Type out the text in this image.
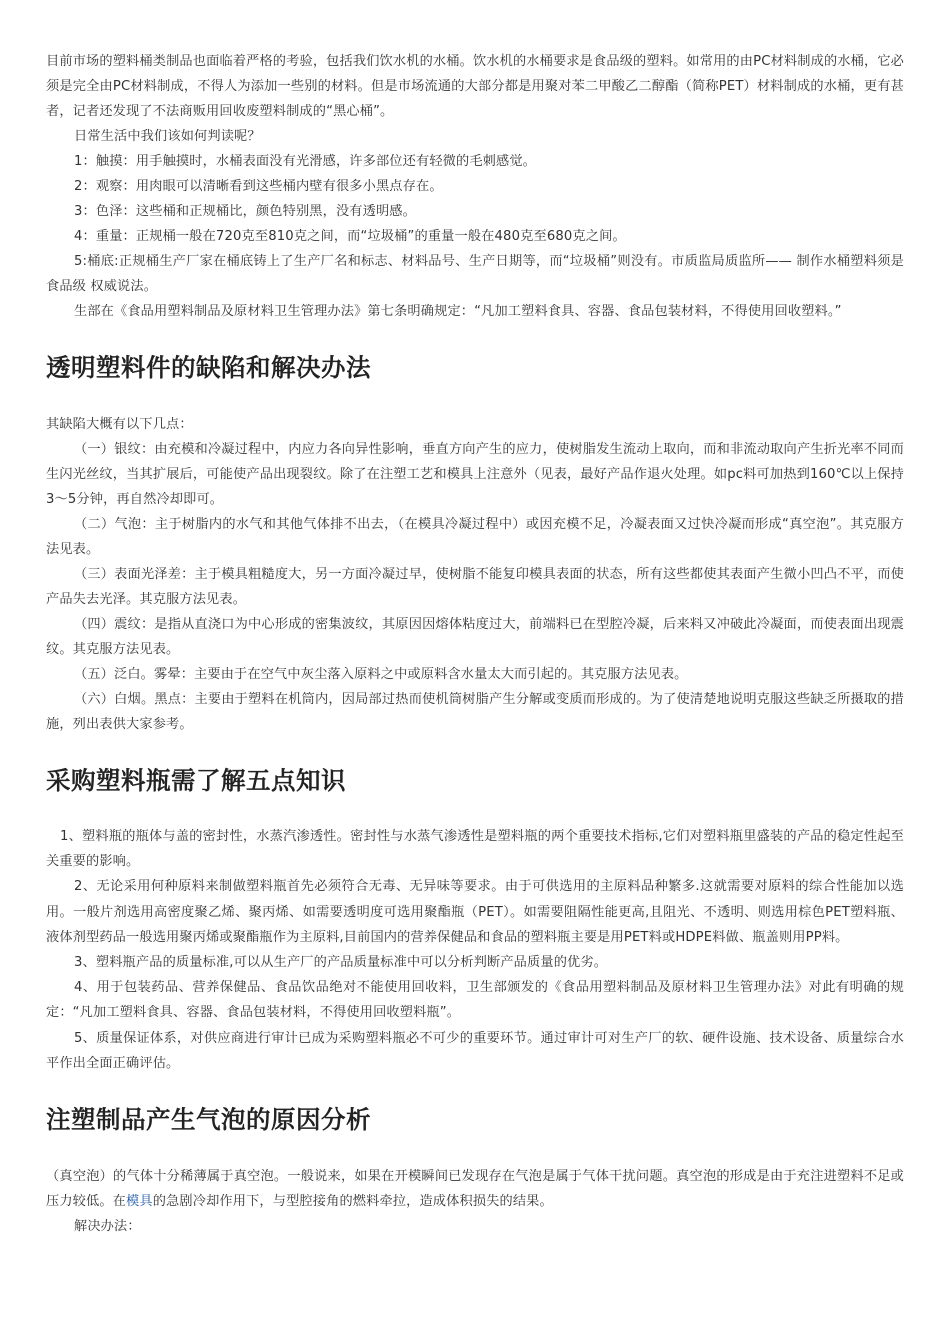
目前市场的塑料桶类制品也面临着严格的考验，包括我们饮水机的水桶。饮水机的水桶要求是食品级的塑料。如常用的由PC材料制成的水桶，它必须是完全由PC材料制成，不得人为添加一些别的材料。但是市场流通的大部分都是用聚对苯二甲酸乙二醇酯（简称PET）材料制成的水桶，更有甚者，记者还发现了不法商贩用回收废塑料制成的“黑心桶”。

日常生活中我们该如何判读呢？

1：触摸：用手触摸时，水桶表面没有光滑感，许多部位还有轻微的毛刺感觉。

2：观察：用肉眼可以清晰看到这些桶内壁有很多小黑点存在。

3：色泽：这些桶和正规桶比，颜色特别黑，没有透明感。

4：重量：正规桶一般在720克至810克之间，而“垃圾桶”的重量一般在480克至680克之间。

5:桶底:正规桶生产厂家在桶底铸上了生产厂名和标志、材料品号、生产日期等，而“垃圾桶”则没有。市质监局质监所—— 制作水桶塑料须是食品级 权威说法。

生部在《食品用塑料制品及原材料卫生管理办法》第七条明确规定：“凡加工塑料食具、容器、食品包装材料，不得使用回收塑料。”

透明塑料件的缺陷和解决办法

其缺陷大概有以下几点：

（一）银纹：由充模和冷凝过程中，内应力各向异性影响，垂直方向产生的应力，使树脂发生流动上取向，而和非流动取向产生折光率不同而生闪光丝纹，当其扩展后，可能使产品出现裂纹。除了在注塑工艺和模具上注意外（见表，最好产品作退火处理。如pc料可加热到160℃以上保持3～5分钟，再自然冷却即可。

（二）气泡：主于树脂内的水气和其他气体排不出去，（在模具冷凝过程中）或因充模不足，冷凝表面又过快冷凝而形成“真空泡”。其克服方法见表。

（三）表面光泽差：主于模具粗糙度大，另一方面冷凝过早，使树脂不能复印模具表面的状态，所有这些都使其表面产生微小凹凸不平，而使产品失去光泽。其克服方法见表。

（四）震纹：是指从直浇口为中心形成的密集波纹，其原因因熔体粘度过大，前端料已在型腔冷凝，后来料又冲破此冷凝面，而使表面出现震纹。其克服方法见表。

（五）泛白。雾晕：主要由于在空气中灰尘落入原料之中或原料含水量太大而引起的。其克服方法见表。

（六）白烟。黑点：主要由于塑料在机筒内，因局部过热而使机筒树脂产生分解或变质而形成的。为了使清楚地说明克服这些缺乏所摄取的措施，列出表供大家参考。

采购塑料瓶需了解五点知识

1、塑料瓶的瓶体与盖的密封性，水蒸汽渗透性。密封性与水蒸气渗透性是塑料瓶的两个重要技术指标,它们对塑料瓶里盛装的产品的稳定性起至关重要的影响。

2、无论采用何种原料来制做塑料瓶首先必须符合无毒、无异味等要求。由于可供选用的主原料品种繁多.这就需要对原料的综合性能加以选用。一般片剂选用高密度聚乙烯、聚丙烯、如需要透明度可选用聚酯瓶（PET）。如需要阻隔性能更高,且阻光、不透明、则选用棕色PET塑料瓶、液体剂型药品一般选用聚丙烯或聚酯瓶作为主原料,目前国内的营养保健品和食品的塑料瓶主要是用PET料或HDPE料做、瓶盖则用PP料。

3、塑料瓶产品的质量标准,可以从生产厂的产品质量标准中可以分析判断产品质量的优劣。

4、用于包装药品、营养保健品、食品饮品绝对不能使用回收料，卫生部颁发的《食品用塑料制品及原材料卫生管理办法》对此有明确的规定：“凡加工塑料食具、容器、食品包装材料，不得使用回收塑料瓶”。

5、质量保证体系，对供应商进行审计已成为采购塑料瓶必不可少的重要环节。通过审计可对生产厂的软、硬件设施、技术设备、质量综合水平作出全面正确评估。

注塑制品产生气泡的原因分析

（真空泡）的气体十分稀薄属于真空泡。一般说来，如果在开模瞬间已发现存在气泡是属于气体干扰问题。真空泡的形成是由于充注进塑料不足或压力较低。在模具的急剧冷却作用下，与型腔接角的燃料牵拉，造成体积损失的结果。

解决办法：
